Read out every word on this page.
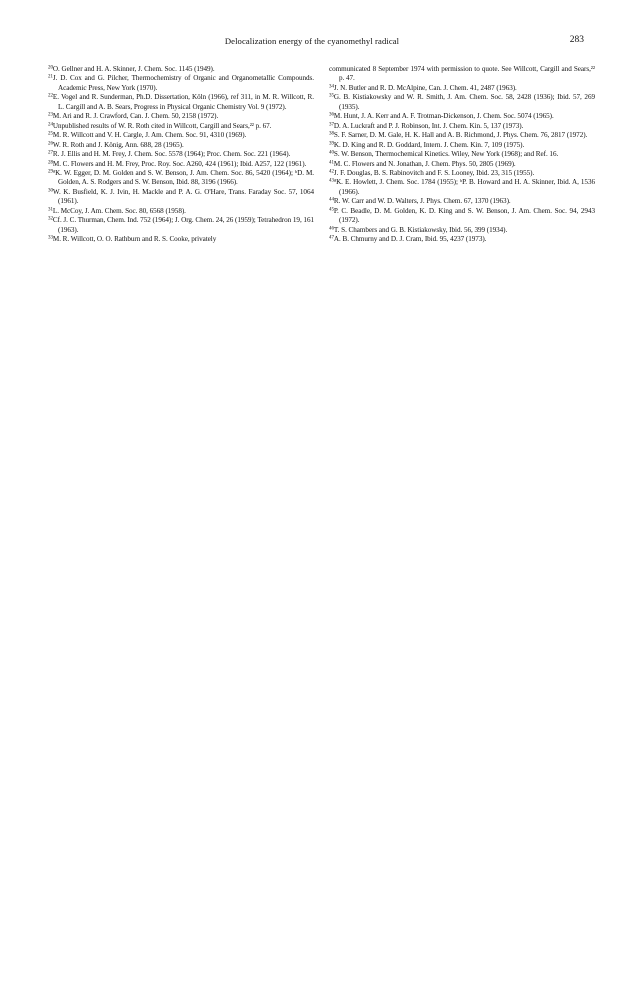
Delocalization energy of the cyanomethyl radical	283

$^{20}$O. Gellner and H. A. Skinner, J. Chem. Soc. 1145 (1949).

$^{21}$J. D. Cox and G. Pilcher, Thermochemistry of Organic and Organometallic Compounds. Academic Press, New York (1970).

$^{22}$E. Vogel and R. Sunderman, Ph.D. Dissertation, Köln (1966), ref 311, in M. R. Willcott, R. L. Cargill and A. B. Sears, Progress in Physical Organic Chemistry Vol. 9 (1972).

$^{23}$M. Ari and R. J. Crawford, Can. J. Chem. 50, 2158 (1972).

$^{24}$Unpublished results of W. R. Roth cited in Willcott, Cargill and Sears,²² p. 67.

$^{25}$M. R. Willcott and V. H. Cargle, J. Am. Chem. Soc. 91, 4310 (1969).

$^{26}$W. R. Roth and J. König, Ann. 688, 28 (1965).

$^{27}$R. J. Ellis and H. M. Frey, J. Chem. Soc. 5578 (1964); Proc. Chem. Soc. 221 (1964).

$^{28}$M. C. Flowers and H. M. Frey, Proc. Roy. Soc. A260, 424 (1961); Ibid. A257, 122 (1961).

$^{29a}$K. W. Egger, D. M. Golden and S. W. Benson, J. Am. Chem. Soc. 86, 5420 (1964); ᵇD. M. Golden, A. S. Rodgers and S. W. Benson, Ibid. 88, 3196 (1966).

$^{30}$W. K. Busfield, K. J. Ivin, H. Mackle and P. A. G. O'Hare, Trans. Faraday Soc. 57, 1064 (1961).

$^{31}$L. McCoy, J. Am. Chem. Soc. 80, 6568 (1958).

$^{32}$Cf. J. C. Thurman, Chem. Ind. 752 (1964); J. Org. Chem. 24, 26 (1959); Tetrahedron 19, 161 (1963).

$^{33}$M. R. Willcott, O. O. Rathburn and R. S. Cooke, privately

communicated 8 September 1974 with permission to quote. See Willcott, Cargill and Sears,²² p. 47.

$^{34}$J. N. Butler and R. D. McAlpine, Can. J. Chem. 41, 2487 (1963).

$^{35}$G. B. Kistiakowsky and W. R. Smith, J. Am. Chem. Soc. 58, 2428 (1936); Ibid. 57, 269 (1935).

$^{36}$M. Hunt, J. A. Kerr and A. F. Trotman-Dickenson, J. Chem. Soc. 5074 (1965).

$^{37}$D. A. Luckraft and P. J. Robinson, Int. J. Chem. Kin. 5, 137 (1973).

$^{38}$S. F. Sarner, D. M. Gale, H. K. Hall and A. B. Richmond, J. Phys. Chem. 76, 2817 (1972).

$^{39}$K. D. King and R. D. Goddard, Intern. J. Chem. Kin. 7, 109 (1975).

$^{40}$S. W. Benson, Thermochemical Kinetics. Wiley, New York (1968); and Ref. 16.

$^{41}$M. C. Flowers and N. Jonathan, J. Chem. Phys. 50, 2805 (1969).

$^{42}$J. F. Douglas, B. S. Rabinovitch and F. S. Looney, Ibid. 23, 315 (1955).

$^{43a}$K. E. Howlett, J. Chem. Soc. 1784 (1955); ᵇP. B. Howard and H. A. Skinner, Ibid. A, 1536 (1966).

$^{44}$R. W. Carr and W. D. Walters, J. Phys. Chem. 67, 1370 (1963).

$^{45}$P. C. Beadle, D. M. Golden, K. D. King and S. W. Benson, J. Am. Chem. Soc. 94, 2943 (1972).

$^{46}$T. S. Chambers and G. B. Kistiakowsky, Ibid. 56, 399 (1934).

$^{47}$A. B. Chmurny and D. J. Cram, Ibid. 95, 4237 (1973).
